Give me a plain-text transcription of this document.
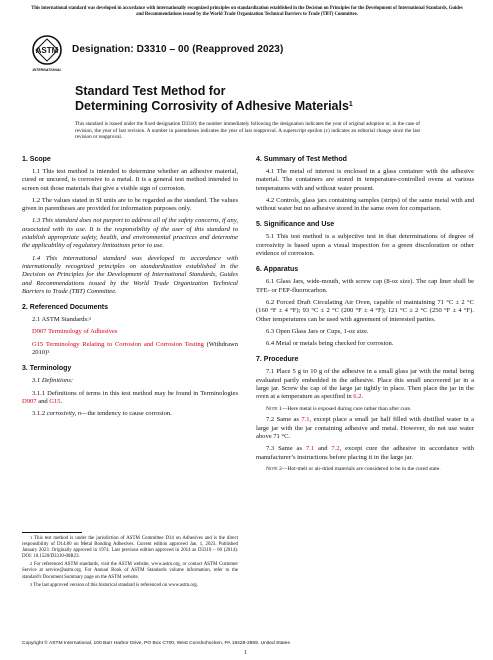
This international standard was developed in accordance with internationally recognized principles on standardization established in the Decision on Principles for the Development of International Standards, Guides and Recommendations issued by the World Trade Organization Technical Barriers to Trade (TBT) Committee.
ASTM
INTERNATIONAL
Designation: D3310 – 00 (Reapproved 2023)
Standard Test Method for
Determining Corrosivity of Adhesive Materials$^1$
This standard is issued under the fixed designation D3310; the number immediately following the designation indicates the year of original adoption or, in the case of revision, the year of last revision. A number in parentheses indicates the year of last reapproval. A superscript epsilon (ε) indicates an editorial change since the last revision or reapproval.
1. Scope

1.1 This test method is intended to determine whether an adhesive material, cured or uncured, is corrosive to a metal. It is a general test method intended to screen out those materials that give a visible sign of corrosion.

1.2 The values stated in SI units are to be regarded as the standard. The values given in parentheses are provided for information purposes only.

1.3 This standard does not purport to address all of the safety concerns, if any, associated with its use. It is the responsibility of the user of this standard to establish appropriate safety, health, and environmental practices and determine the applicability of regulatory limitations prior to use.

1.4 This international standard was developed in accordance with internationally recognized principles on standardization established in the Decision on Principles for the Development of International Standards, Guides and Recommendations issued by the World Trade Organization Technical Barriers to Trade (TBT) Committee.

2. Referenced Documents

2.1 ASTM Standards:$^2$

D907 Terminology of Adhesives

G15 Terminology Relating to Corrosion and Corrosion Testing (Withdrawn 2010)$^3$

3. Terminology

3.1 Definitions:

3.1.1 Definitions of terms in this test method may be found in Terminologies D907 and G15.

3.1.2 corrosivity, n—the tendency to cause corrosion.

$^1$ This test method is under the jurisdiction of ASTM Committee D14 on Adhesives and is the direct responsibility of D14.80 on Metal Bonding Adhesives. Current edition approved Jan. 1, 2023. Published January 2023. Originally approved in 1974. Last previous edition approved in 2014 as D3310 – 00 (2014). DOI: 10.1520/D3310-00R23.

$^2$ For referenced ASTM standards, visit the ASTM website, www.astm.org, or contact ASTM Customer Service at service@astm.org. For Annual Book of ASTM Standards volume information, refer to the standard's Document Summary page on the ASTM website.

$^3$ The last approved version of this historical standard is referenced on www.astm.org.

4. Summary of Test Method

4.1 The metal of interest is enclosed in a glass container with the adhesive material. The containers are stored in temperature-controlled ovens at various temperatures with and without water present.

4.2 Controls, glass jars containing samples (strips) of the same metal with and without water but no adhesive stored in the same oven for comparison.

5. Significance and Use

5.1 This test method is a subjective test in that determinations of degree of corrosivity is based upon a visual inspection for a green discoloration or other evidence of corrosion.

6. Apparatus

6.1 Glass Jars, wide-mouth, with screw cap (8-oz size). The cap liner shall be TFE- or FEP-fluorocarbon.

6.2 Forced Draft Circulating Air Oven, capable of maintaining 71 °C ± 2 °C (160 °F ± 4 °F); 93 °C ± 2 °C (200 °F ± 4 °F); 121 °C ± 2 °C (250 °F ± 4 °F). Other temperatures can be used with agreement of interested parties.

6.3 Open Glass Jars or Cups, 1-oz size.

6.4 Metal or metals being checked for corrosion.

7. Procedure

7.1 Place 5 g to 10 g of the adhesive in a small glass jar with the metal being evaluated partly embedded in the adhesive. Place this small uncovered jar in a large jar. Screw the cap of the large jar tightly in place. Then place the jar in the oven at a temperature as specified in 6.2.

Note 1—Here metal is exposed during cure rather than after cure.

7.2 Same as 7.1, except place a small jar half filled with distilled water in a large jar with the jar containing adhesive and metal. However, do not use water above 71 °C.

7.3 Same as 7.1 and 7.2, except cure the adhesive in accordance with manufacturer’s instructions before placing it in the large jar.

Note 2—Hot-melt or air-dried materials are considered to be in the cured state.

Copyright © ASTM International, 100 Barr Harbor Drive, PO Box C700, West Conshohocken, PA 19428-2959. United States
1
